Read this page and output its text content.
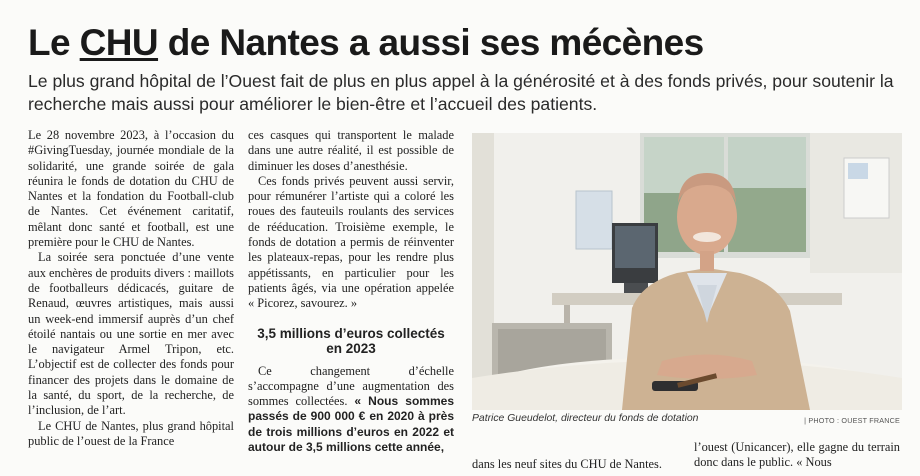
Le CHU de Nantes a aussi ses mécènes

Le plus grand hôpital de l’Ouest fait de plus en plus appel à la générosité et à des fonds privés, pour soutenir la recherche mais aussi pour améliorer le bien-être et l’accueil des patients.

Le 28 novembre 2023, à l’occasion du #GivingTuesday, journée mondiale de la solidarité, une grande soirée de gala réunira le fonds de dotation du CHU de Nantes et la fondation du Football-club de Nantes. Cet événement caritatif, mêlant donc santé et football, est une première pour le CHU de Nantes.

La soirée sera ponctuée d’une vente aux enchères de produits divers : maillots de footballeurs dédicacés, guitare de Renaud, œuvres artistiques, mais aussi un week-end immersif auprès d’un chef étoilé nantais ou une sortie en mer avec le navigateur Armel Tripon, etc. L’objectif est de collecter des fonds pour financer des projets dans le domaine de la santé, du sport, de la recherche, de l’inclusion, de l’art.

Le CHU de Nantes, plus grand hôpital public de l’ouest de la France

ces casques qui transportent le malade dans une autre réalité, il est possible de diminuer les doses d’anesthésie.

Ces fonds privés peuvent aussi servir, pour rémunérer l’artiste qui a coloré les roues des fauteuils roulants des services de rééducation. Troisième exemple, le fonds de dotation a permis de réinventer les plateaux-repas, pour les rendre plus appétissants, en particulier pour les patients âgés, via une opération appelée « Picorez, savourez. »

3,5 millions d’euros collectés en 2023

Ce changement d’échelle s’accompagne d’une augmentation des sommes collectées. « Nous sommes passés de 900 000 € en 2020 à près de trois millions d’euros en 2022 et autour de 3,5 millions cette année,

Patrice Gueudelot, directeur du fonds de dotation	| PHOTO : OUEST FRANCE

dans les neuf sites du CHU de Nantes.

l’ouest (Unicancer), elle gagne du terrain donc dans le public. « Nous
